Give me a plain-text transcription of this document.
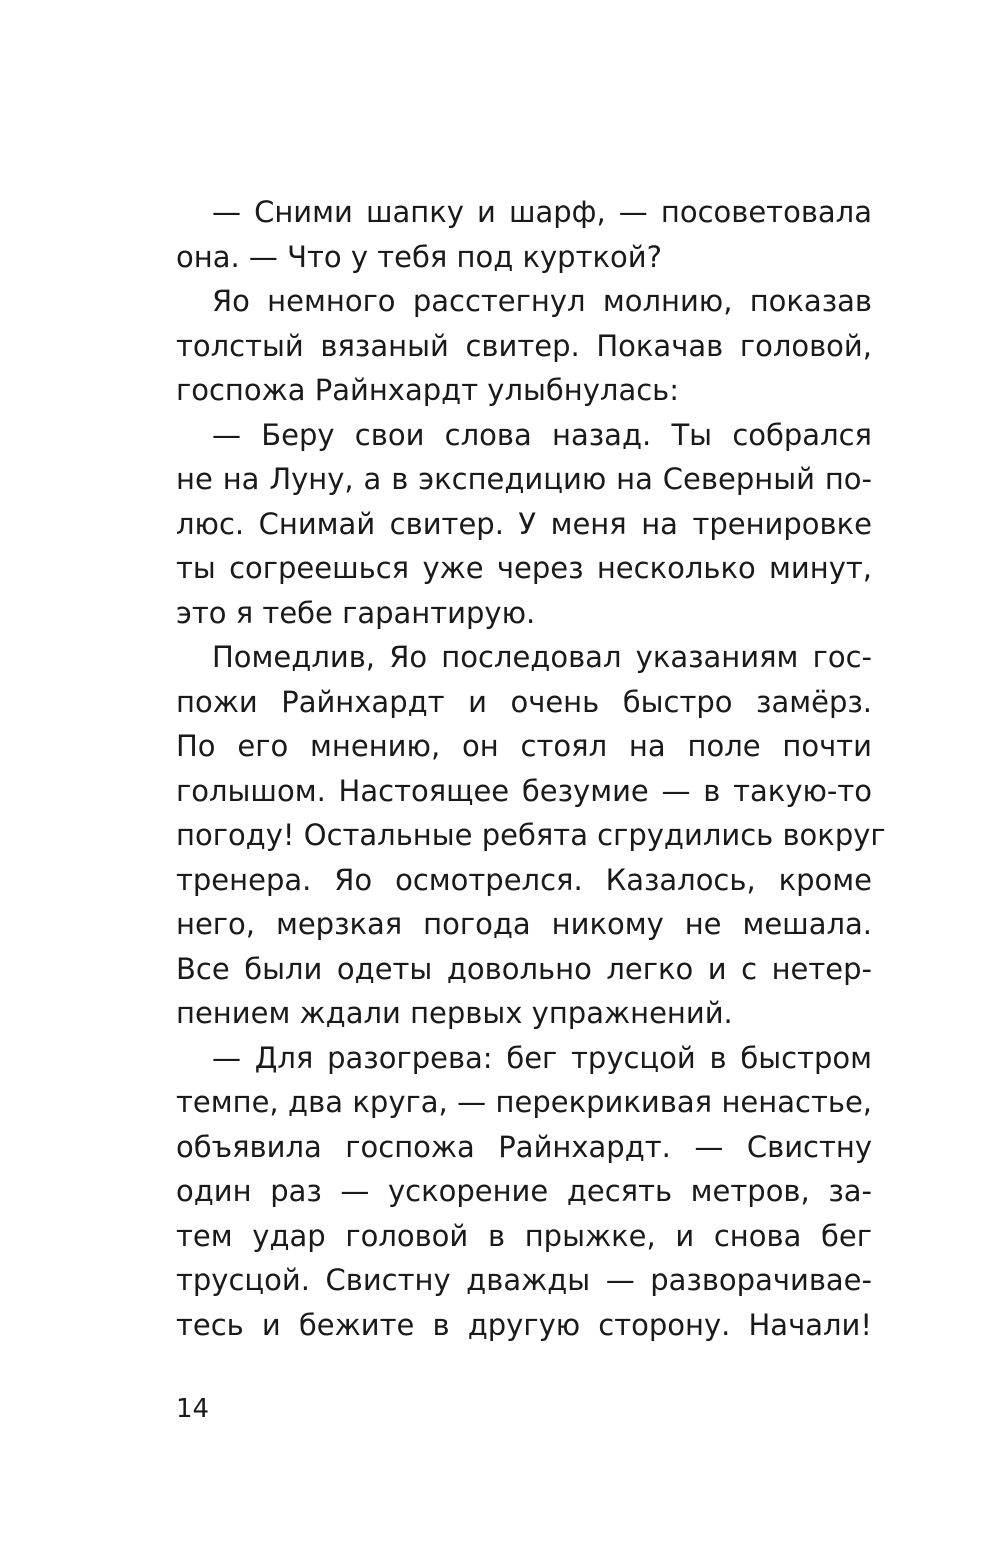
— Сними шапку и шарф, — посоветовала
она. — Что у тебя под курткой?
Яо немного расстегнул молнию, показав
толстый вязаный свитер. Покачав головой,
госпожа Райнхардт улыбнулась:
— Беру свои слова назад. Ты собрался
не на Луну, а в экспедицию на Северный по-
люс. Снимай свитер. У меня на тренировке
ты согреешься уже через несколько минут,
это я тебе гарантирую.
Помедлив, Яо последовал указаниям гос-
пожи Райнхардт и очень быстро замёрз.
По его мнению, он стоял на поле почти
голышом. Настоящее безумие — в такую-то
погоду! Остальные ребята сгрудились вокруг
тренера. Яо осмотрелся. Казалось, кроме
него, мерзкая погода никому не мешала.
Все были одеты довольно легко и с нетер-
пением ждали первых упражнений.
— Для разогрева: бег трусцой в быстром
темпе, два круга, — перекрикивая ненастье,
объявила госпожа Райнхардт. — Свистну
один раз — ускорение десять метров, за-
тем удар головой в прыжке, и снова бег
трусцой. Свистну дважды — разворачивае-
тесь и бежите в другую сторону. Начали!
14
